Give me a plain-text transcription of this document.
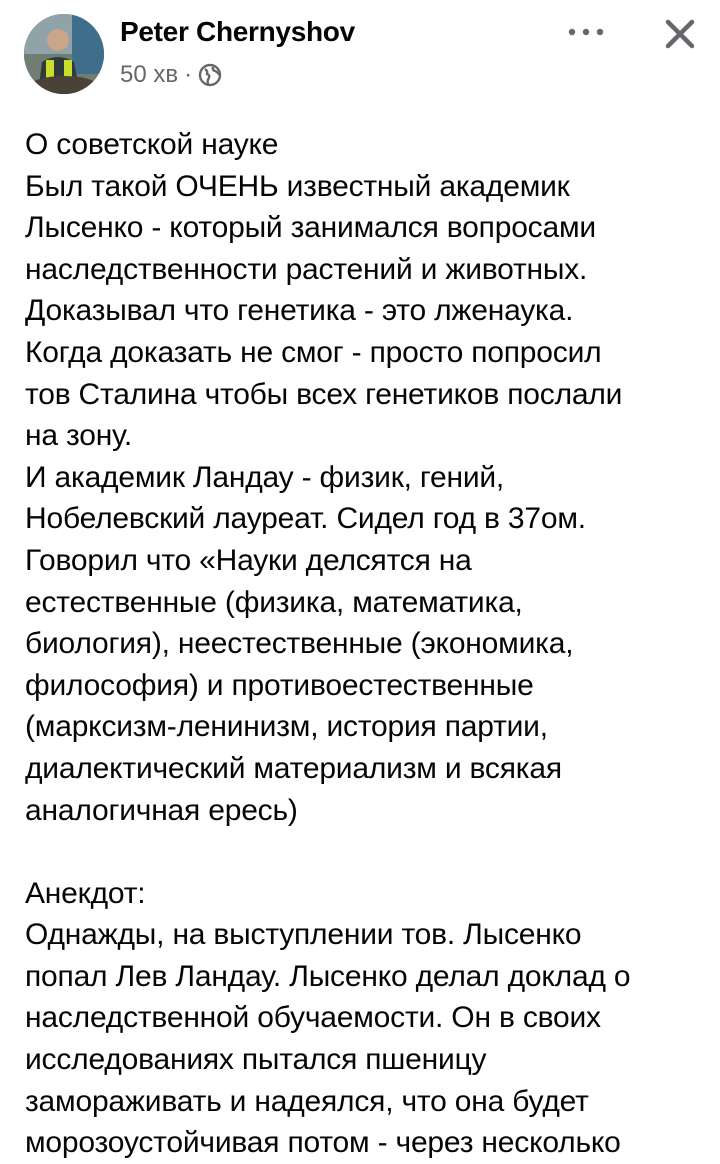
Peter Chernyshov
50 хв ·
О советской науке
Был такой ОЧЕНЬ известный академик
Лысенко - который занимался вопросами
наследственности растений и животных.
Доказывал что генетика - это лженаука.
Когда доказать не смог - просто попросил
тов Сталина чтобы всех генетиков послали
на зону.
И академик Ландау - физик, гений,
Нобелевский лауреат. Сидел год в 37ом.
Говорил что «Науки делсятся на
естественные (физика, математика,
биология), неестественные (экономика,
философия) и противоестественные
(марксизм-ленинизм, история партии,
диалектический материализм и всякая
аналогичная ересь)
Анекдот:
Однажды, на выступлении тов. Лысенко
попал Лев Ландау. Лысенко делал доклад о
наследственной обучаемости. Он в своих
исследованиях пытался пшеницу
замораживать и надеялся, что она будет
морозоустойчивая потом - через несколько
